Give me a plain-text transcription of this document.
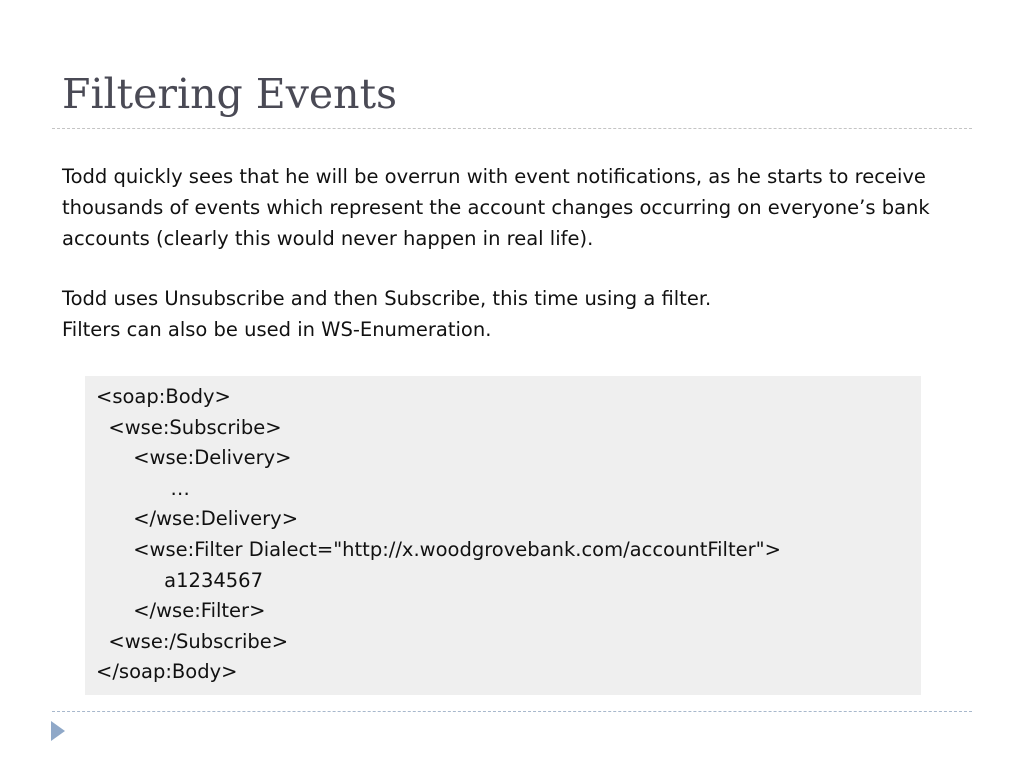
Filtering Events

Todd quickly sees that he will be overrun with event notifications, as he starts to receive thousands of events which represent the account changes occurring on everyone’s bank accounts (clearly this would never happen in real life).

Todd uses Unsubscribe and then Subscribe, this time using a filter.

Filters can also be used in WS-Enumeration.

<soap:Body>
<wse:Subscribe>
<wse:Delivery>
…
</wse:Delivery>
<wse:Filter Dialect="http://x.woodgrovebank.com/accountFilter">
a1234567
</wse:Filter>
<wse:/Subscribe>
</soap:Body>
